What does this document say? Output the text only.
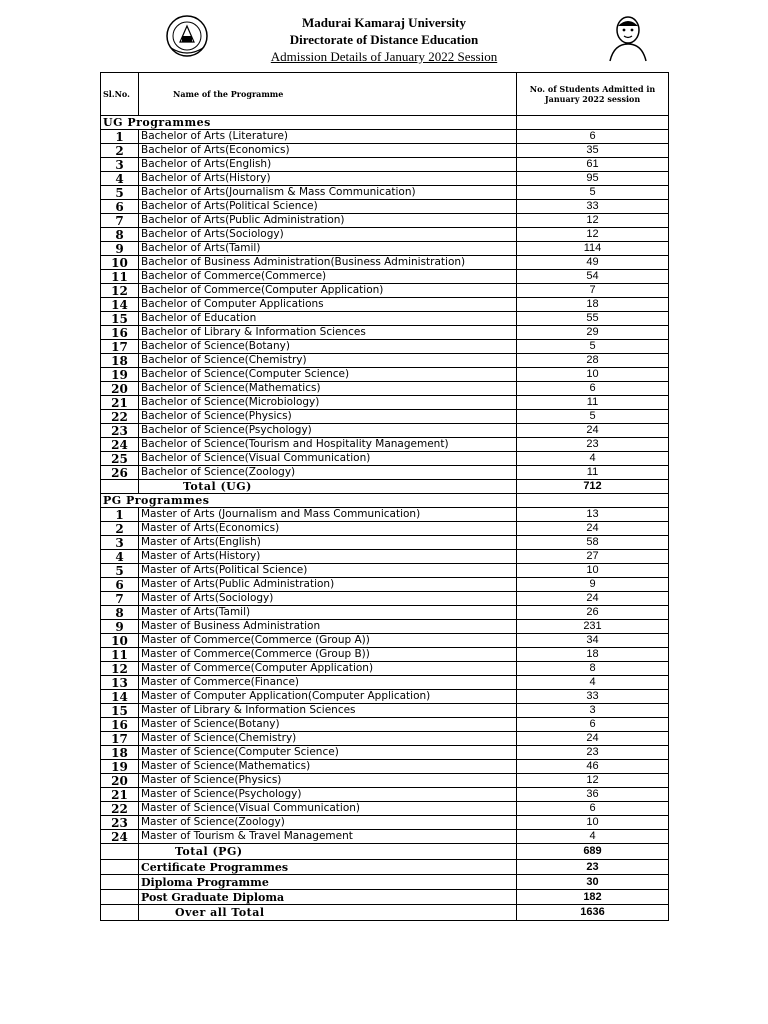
Madurai Kamaraj University
Directorate of Distance Education
Admission Details of January 2022 Session
Sl.No.	Name of the Programme	No. of Students Admitted in January 2022 session
UG Programmes		
1	Bachelor of Arts (Literature)	6
2	Bachelor of Arts(Economics)	35
3	Bachelor of Arts(English)	61
4	Bachelor of Arts(History)	95
5	Bachelor of Arts(Journalism & Mass Communication)	5
6	Bachelor of Arts(Political Science)	33
7	Bachelor of Arts(Public Administration)	12
8	Bachelor of Arts(Sociology)	12
9	Bachelor of Arts(Tamil)	114
10	Bachelor of Business Administration(Business Administration)	49
11	Bachelor of Commerce(Commerce)	54
12	Bachelor of Commerce(Computer Application)	7
14	Bachelor of Computer Applications	18
15	Bachelor of Education	55
16	Bachelor of Library & Information Sciences	29
17	Bachelor of Science(Botany)	5
18	Bachelor of Science(Chemistry)	28
19	Bachelor of Science(Computer Science)	10
20	Bachelor of Science(Mathematics)	6
21	Bachelor of Science(Microbiology)	11
22	Bachelor of Science(Physics)	5
23	Bachelor of Science(Psychology)	24
24	Bachelor of Science(Tourism and Hospitality Management)	23
25	Bachelor of Science(Visual Communication)	4
26	Bachelor of Science(Zoology)	11
	Total (UG)	712
PG Programmes		
1	Master of Arts (Journalism and Mass Communication)	13
2	Master of Arts(Economics)	24
3	Master of Arts(English)	58
4	Master of Arts(History)	27
5	Master of Arts(Political Science)	10
6	Master of Arts(Public Administration)	9
7	Master of Arts(Sociology)	24
8	Master of Arts(Tamil)	26
9	Master of Business Administration	231
10	Master of Commerce(Commerce (Group A))	34
11	Master of Commerce(Commerce (Group B))	18
12	Master of Commerce(Computer Application)	8
13	Master of Commerce(Finance)	4
14	Master of Computer Application(Computer Application)	33
15	Master of Library & Information Sciences	3
16	Master of Science(Botany)	6
17	Master of Science(Chemistry)	24
18	Master of Science(Computer Science)	23
19	Master of Science(Mathematics)	46
20	Master of Science(Physics)	12
21	Master of Science(Psychology)	36
22	Master of Science(Visual Communication)	6
23	Master of Science(Zoology)	10
24	Master of Tourism & Travel Management	4
	Total (PG)	689
	Certificate Programmes	23
	Diploma Programme	30
	Post Graduate Diploma	182
	Over all Total	1636
